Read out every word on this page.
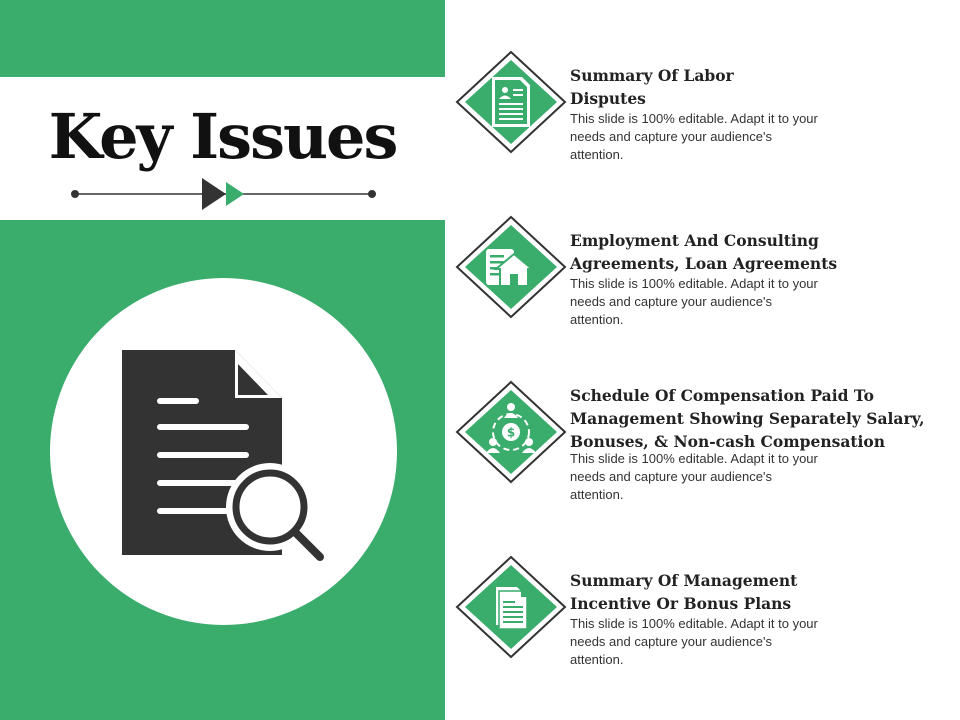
Key Issues

Summary Of Labor
Disputes

This slide is 100% editable. Adapt it to your needs and capture your audience's attention.

Employment And Consulting
Agreements, Loan Agreements

This slide is 100% editable. Adapt it to your needs and capture your audience's attention.

$

Schedule Of Compensation Paid To
Management Showing Separately Salary,
Bonuses, & Non-cash Compensation

This slide is 100% editable. Adapt it to your needs and capture your audience's attention.

Summary Of Management
Incentive Or Bonus Plans

This slide is 100% editable. Adapt it to your needs and capture your audience's attention.
